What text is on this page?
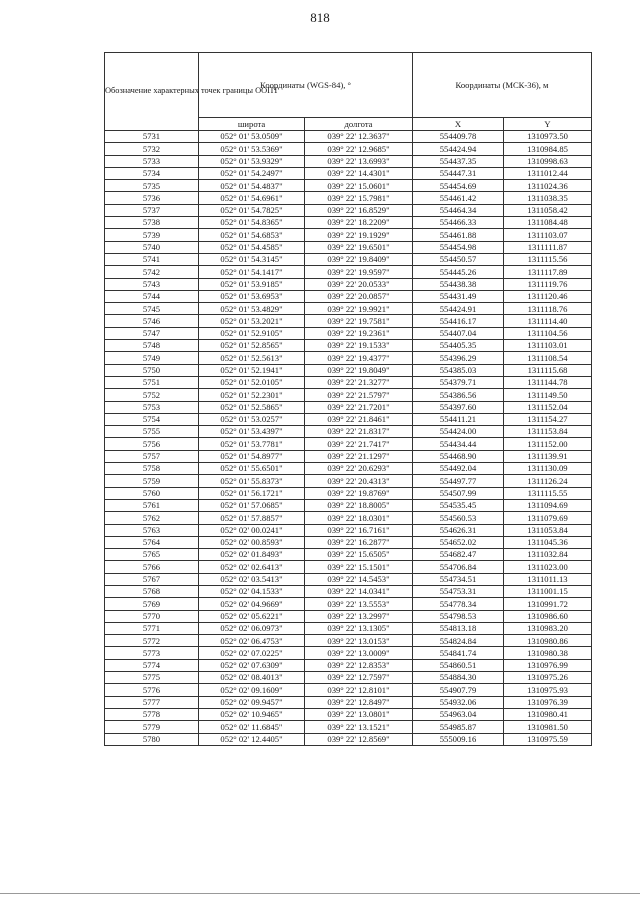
818
Обозначение характерных точек границы ООПТ	Координаты (WGS-84), °		Координаты (МСК-36), м	
	широта	долгота	X	Y
5731	052° 01' 53.0509"	039° 22' 12.3637"	554409.78	1310973.50
5732	052° 01' 53.5369"	039° 22' 12.9685"	554424.94	1310984.85
5733	052° 01' 53.9329"	039° 22' 13.6993"	554437.35	1310998.63
5734	052° 01' 54.2497"	039° 22' 14.4301"	554447.31	1311012.44
5735	052° 01' 54.4837"	039° 22' 15.0601"	554454.69	1311024.36
5736	052° 01' 54.6961"	039° 22' 15.7981"	554461.42	1311038.35
5737	052° 01' 54.7825"	039° 22' 16.8529"	554464.34	1311058.42
5738	052° 01' 54.8365"	039° 22' 18.2209"	554466.33	1311084.48
5739	052° 01' 54.6853"	039° 22' 19.1929"	554461.88	1311103.07
5740	052° 01' 54.4585"	039° 22' 19.6501"	554454.98	1311111.87
5741	052° 01' 54.3145"	039° 22' 19.8409"	554450.57	1311115.56
5742	052° 01' 54.1417"	039° 22' 19.9597"	554445.26	1311117.89
5743	052° 01' 53.9185"	039° 22' 20.0533"	554438.38	1311119.76
5744	052° 01' 53.6953"	039° 22' 20.0857"	554431.49	1311120.46
5745	052° 01' 53.4829"	039° 22' 19.9921"	554424.91	1311118.76
5746	052° 01' 53.2021"	039° 22' 19.7581"	554416.17	1311114.40
5747	052° 01' 52.9105"	039° 22' 19.2361"	554407.04	1311104.56
5748	052° 01' 52.8565"	039° 22' 19.1533"	554405.35	1311103.01
5749	052° 01' 52.5613"	039° 22' 19.4377"	554396.29	1311108.54
5750	052° 01' 52.1941"	039° 22' 19.8049"	554385.03	1311115.68
5751	052° 01' 52.0105"	039° 22' 21.3277"	554379.71	1311144.78
5752	052° 01' 52.2301"	039° 22' 21.5797"	554386.56	1311149.50
5753	052° 01' 52.5865"	039° 22' 21.7201"	554397.60	1311152.04
5754	052° 01' 53.0257"	039° 22' 21.8461"	554411.21	1311154.27
5755	052° 01' 53.4397"	039° 22' 21.8317"	554424.00	1311153.84
5756	052° 01' 53.7781"	039° 22' 21.7417"	554434.44	1311152.00
5757	052° 01' 54.8977"	039° 22' 21.1297"	554468.90	1311139.91
5758	052° 01' 55.6501"	039° 22' 20.6293"	554492.04	1311130.09
5759	052° 01' 55.8373"	039° 22' 20.4313"	554497.77	1311126.24
5760	052° 01' 56.1721"	039° 22' 19.8769"	554507.99	1311115.55
5761	052° 01' 57.0685"	039° 22' 18.8005"	554535.45	1311094.69
5762	052° 01' 57.8857"	039° 22' 18.0301"	554560.53	1311079.69
5763	052° 02' 00.0241"	039° 22' 16.7161"	554626.31	1311053.84
5764	052° 02' 00.8593"	039° 22' 16.2877"	554652.02	1311045.36
5765	052° 02' 01.8493"	039° 22' 15.6505"	554682.47	1311032.84
5766	052° 02' 02.6413"	039° 22' 15.1501"	554706.84	1311023.00
5767	052° 02' 03.5413"	039° 22' 14.5453"	554734.51	1311011.13
5768	052° 02' 04.1533"	039° 22' 14.0341"	554753.31	1311001.15
5769	052° 02' 04.9669"	039° 22' 13.5553"	554778.34	1310991.72
5770	052° 02' 05.6221"	039° 22' 13.2997"	554798.53	1310986.60
5771	052° 02' 06.0973"	039° 22' 13.1305"	554813.18	1310983.20
5772	052° 02' 06.4753"	039° 22' 13.0153"	554824.84	1310980.86
5773	052° 02' 07.0225"	039° 22' 13.0009"	554841.74	1310980.38
5774	052° 02' 07.6309"	039° 22' 12.8353"	554860.51	1310976.99
5775	052° 02' 08.4013"	039° 22' 12.7597"	554884.30	1310975.26
5776	052° 02' 09.1609"	039° 22' 12.8101"	554907.79	1310975.93
5777	052° 02' 09.9457"	039° 22' 12.8497"	554932.06	1310976.39
5778	052° 02' 10.9465"	039° 22' 13.0801"	554963.04	1310980.41
5779	052° 02' 11.6845"	039° 22' 13.1521"	554985.87	1310981.50
5780	052° 02' 12.4405"	039° 22' 12.8569"	555009.16	1310975.59
